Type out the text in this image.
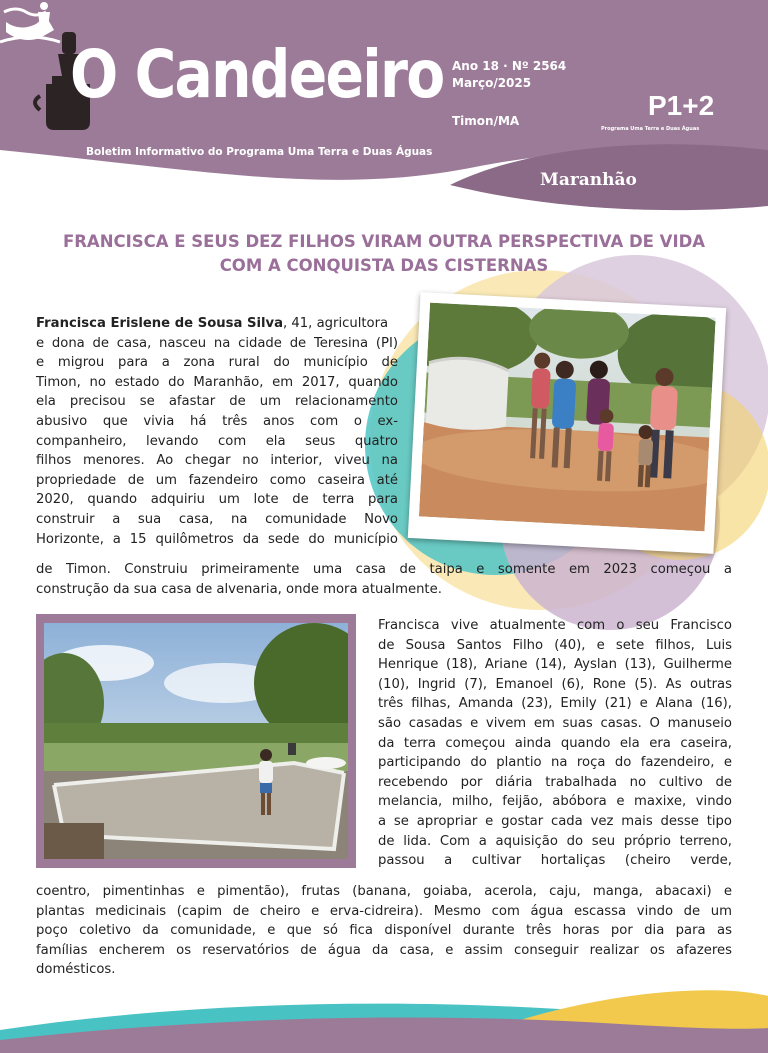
O Candeeiro
Boletim Informativo do Programa Uma Terra e Duas Águas
Ano 18 · Nº 2564
Março/2025
Timon/MA	P1+2
Programa Uma Terra e Duas Águas
Maranhão
FRANCISCA E SEUS DEZ FILHOS VIRAM OUTRA PERSPECTIVA DE VIDA
COM A CONQUISTA DAS CISTERNAS
Francisca Erislene de Sousa Silva, 41, agricultora
e dona de casa, nasceu na cidade de Teresina (PI)
e migrou para a zona rural do município de
Timon, no estado do Maranhão, em 2017, quando
ela precisou se afastar de um relacionamento
abusivo que vivia há três anos com o ex-
companheiro, levando com ela seus quatro
filhos menores. Ao chegar no interior, viveu na
propriedade de um fazendeiro como caseira até
2020, quando adquiriu um lote de terra para
construir a sua casa, na comunidade Novo
Horizonte, a 15 quilômetros da sede do município
de Timon. Construiu primeiramente uma casa de taipa e somente em 2023 começou a
construção da sua casa de alvenaria, onde mora atualmente.
Francisca vive atualmente com o seu Francisco
de Sousa Santos Filho (40), e sete filhos, Luis
Henrique (18), Ariane (14), Ayslan (13), Guilherme
(10), Ingrid (7), Emanoel (6), Rone (5). As outras
três filhas, Amanda (23), Emily (21) e Alana (16),
são casadas e vivem em suas casas. O manuseio
da terra começou ainda quando ela era caseira,
participando do plantio na roça do fazendeiro, e
recebendo por diária trabalhada no cultivo de
melancia, milho, feijão, abóbora e maxixe, vindo
a se apropriar e gostar cada vez mais desse tipo
de lida. Com a aquisição do seu próprio terreno,
passou a cultivar hortaliças (cheiro verde,
coentro, pimentinhas e pimentão), frutas (banana, goiaba, acerola, caju, manga, abacaxi) e
plantas medicinais (capim de cheiro e erva-cidreira). Mesmo com água escassa vindo de um
poço coletivo da comunidade, e que só fica disponível durante três horas por dia para as
famílias encherem os reservatórios de água da casa, e assim conseguir realizar os afazeres
domésticos.
